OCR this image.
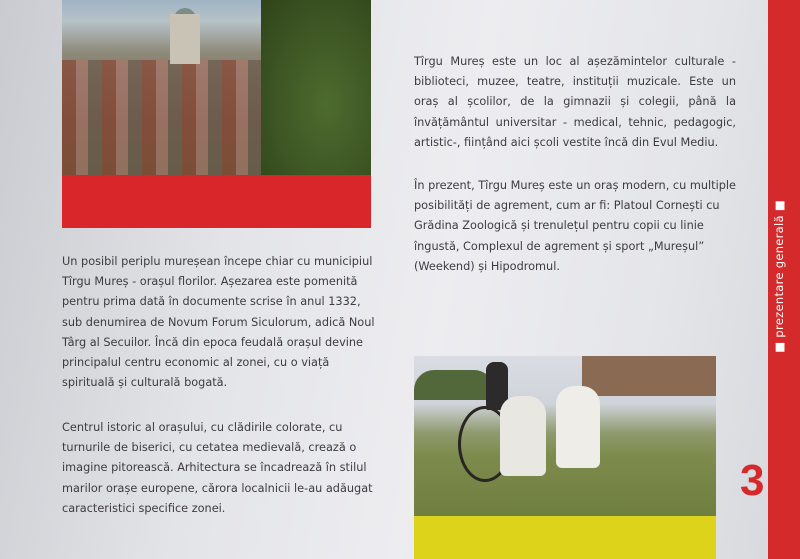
Un posibil periplu mureșean începe chiar cu municipiul Tîrgu Mureș - orașul florilor. Așezarea este pomenită pentru prima dată în documente scrise în anul 1332, sub denumirea de Novum Forum Siculorum, adică Noul Târg al Secuilor. Încă din epoca feudală orașul devine principalul centru economic al zonei, cu o viață spirituală și culturală bogată.

Centrul istoric al orașului, cu clădirile colorate, cu turnurile de biserici, cu cetatea medievală, crează o imagine pitorească. Arhitectura se încadrează în stilul marilor orașe europene, cărora localnicii le-au adăugat caracteristici specifice zonei.

Tîrgu Mureș este un loc al așezămintelor culturale - biblioteci, muzee, teatre, instituții muzicale. Este un oraș al școlilor, de la gimnazii și colegii, până la învățământul universitar - medical, tehnic, pedagogic, artistic-, ființând aici școli vestite încă din Evul Mediu.

În prezent, Tîrgu Mureș este un oraș modern, cu multiple posibilități de agrement, cum ar fi: Platoul Cornești cu Grădina Zoologică și trenulețul pentru copii cu linie îngustă, Complexul de agrement și sport „Mureșul” (Weekend) și Hipodromul.	■ prezentare generală ■
3
